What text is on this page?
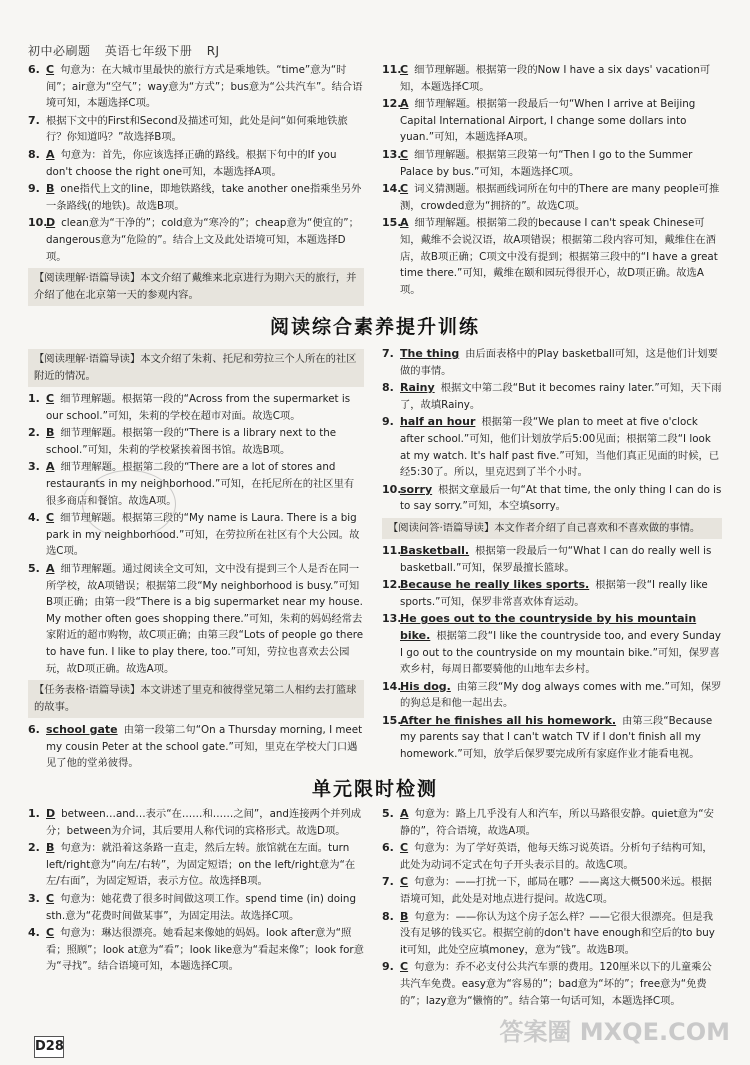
初中必刷题 英语七年级下册 RJ
6. C 句意为：在大城市里最快的旅行方式是乘地铁。“time”意为“时间”；air意为“空气”；way意为“方式”；bus意为“公共汽车”。结合语境可知，本题选择C项。
7. 根据下文中的First和Second及描述可知，此处是问“如何乘地铁旅行？你知道吗？”故选择B项。
8. A 句意为：首先，你应该选择正确的路线。根据下句中的If you don't choose the right one可知，本题选择A项。
9. B one指代上文的line，即地铁路线，take another one指乘坐另外一条路线(的地铁)。故选B项。
10.
D clean意为“干净的”；cold意为“寒冷的”；cheap意为“便宜的”；dangerous意为“危险的”。结合上文及此处语境可知，本题选择D项。
【阅读理解·语篇导读】本文介绍了戴维来北京进行为期六天的旅行，并介绍了他在北京第一天的参观内容。
11.
C 细节理解题。根据第一段的Now I have a six days' vacation可知，本题选择C项。
12.
A 细节理解题。根据第一段最后一句“When I arrive at Beijing Capital International Airport, I change some dollars into yuan.”可知，本题选择A项。
13.
C 细节理解题。根据第三段第一句“Then I go to the Summer Palace by bus.”可知，本题选择C项。
14.
C 词义猜测题。根据画线词所在句中的There are many people可推测，crowded意为“拥挤的”。故选C项。
15.
A 细节理解题。根据第二段的because I can't speak Chinese可知，戴维不会说汉语，故A项错误；根据第二段内容可知，戴维住在酒店，故B项正确；C项文中没有提到；根据第三段中的“I have a great time there.”可知，戴维在颐和园玩得很开心，故D项正确。故选A项。
阅读综合素养提升训练
【阅读理解·语篇导读】本文介绍了朱莉、托尼和劳拉三个人所在的社区附近的情况。
1. C 细节理解题。根据第一段的“Across from the supermarket is our school.”可知，朱莉的学校在超市对面。故选C项。
2. B 细节理解题。根据第一段的“There is a library next to the school.”可知，朱莉的学校紧挨着图书馆。故选B项。
3. A 细节理解题。根据第二段的“There are a lot of stores and restaurants in my neighborhood.”可知，在托尼所在的社区里有很多商店和餐馆。故选A项。
4. C 细节理解题。根据第三段的“My name is Laura. There is a big park in my neighborhood.”可知，在劳拉所在社区有个大公园。故选C项。
5. A 细节理解题。通过阅读全文可知，文中没有提到三个人是否在同一所学校，故A项错误；根据第二段“My neighborhood is busy.”可知B项正确；由第一段“There is a big supermarket near my house. My mother often goes shopping there.”可知，朱莉的妈妈经常去家附近的超市购物，故C项正确；由第三段“Lots of people go there to have fun. I like to play there, too.”可知，劳拉也喜欢去公园玩，故D项正确。故选A项。
【任务表格·语篇导读】本文讲述了里克和彼得堂兄第二人相约去打篮球的故事。
6. school gate 由第一段第二句“On a Thursday morning, I meet my cousin Peter at the school gate.”可知，里克在学校大门口遇见了他的堂弟彼得。
7. The thing 由后面表格中的Play basketball可知，这是他们计划要做的事情。
8. Rainy 根据文中第二段“But it becomes rainy later.”可知，天下雨了，故填Rainy。
9. half an hour 根据第一段“We plan to meet at five o'clock after school.”可知，他们计划放学后5:00见面；根据第二段“I look at my watch. It's half past five.”可知，当他们真正见面的时候，已经5:30了。所以，里克迟到了半个小时。
10.
sorry 根据文章最后一句“At that time, the only thing I can do is to say sorry.”可知，本空填sorry。
【阅读问答·语篇导读】本文作者介绍了自己喜欢和不喜欢做的事情。
11.
Basketball. 根据第一段最后一句“What I can do really well is basketball.”可知，保罗最擅长篮球。
12.
Because he really likes sports. 根据第一段“I really like sports.”可知，保罗非常喜欢体育运动。
13.
He goes out to the countryside by his mountain bike. 根据第二段“I like the countryside too, and every Sunday I go out to the countryside on my mountain bike.”可知，保罗喜欢乡村，每周日都要骑他的山地车去乡村。
14.
His dog. 由第三段“My dog always comes with me.”可知，保罗的狗总是和他一起出去。
15.
After he finishes all his homework. 由第三段“Because my parents say that I can't watch TV if I don't finish all my homework.”可知，放学后保罗要完成所有家庭作业才能看电视。
单元限时检测
1. D between…and…表示“在……和……之间”，and连接两个并列成分；between为介词，其后要用人称代词的宾格形式。故选D项。
2. B 句意为：就沿着这条路一直走，然后左转。旅馆就在左面。turn left/right意为“向左/右转”，为固定短语；on the left/right意为“在左/右面”，为固定短语，表示方位。故选择B项。
3. C 句意为：她花费了很多时间做这项工作。spend time (in) doing sth.意为“花费时间做某事”，为固定用法。故选择C项。
4. C 句意为：琳达很漂亮。她看起来像她的妈妈。look after意为“照看；照顾”；look at意为“看”；look like意为“看起来像”；look for意为“寻找”。结合语境可知，本题选择C项。
5. A 句意为：路上几乎没有人和汽车，所以马路很安静。quiet意为“安静的”，符合语境，故选A项。
6. C 句意为：为了学好英语，他每天练习说英语。分析句子结构可知，此处为动词不定式在句子开头表示目的。故选C项。
7. C 句意为：——打扰一下，邮局在哪？——离这大概500米远。根据语境可知，此处是对地点进行提问。故选C项。
8. B 句意为：——你认为这个房子怎么样？——它很大很漂亮。但是我没有足够的钱买它。根据空前的don't have enough和空后的to buy it可知，此处空应填money，意为“钱”。故选B项。
9. C 句意为：乔不必支付公共汽车票的费用。120厘米以下的儿童乘公共汽车免费。easy意为“容易的”；bad意为“坏的”；free意为“免费的”；lazy意为“懒惰的”。结合第一句话可知，本题选择C项。
D28
答案圈 MXQE.COM
